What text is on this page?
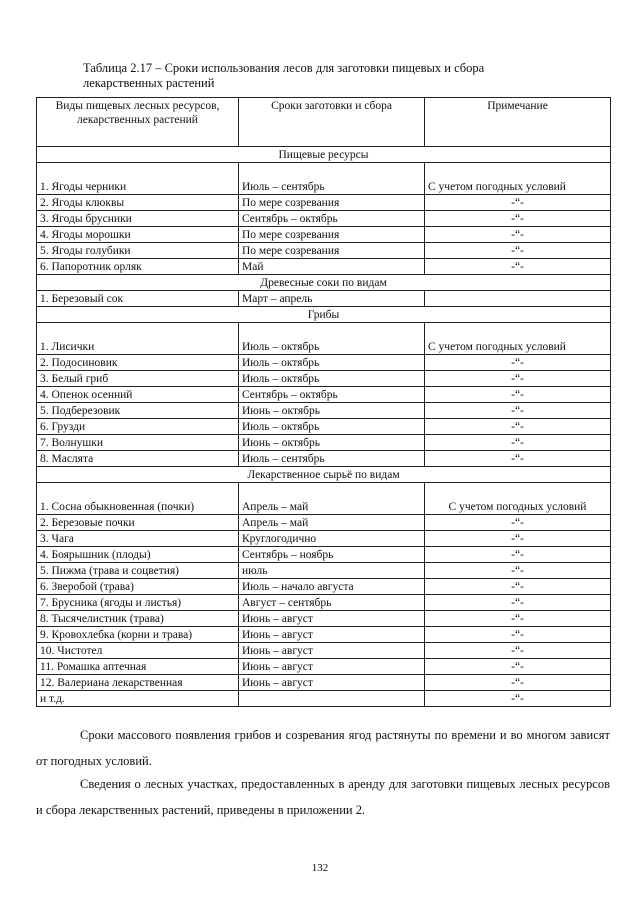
Таблица 2.17 – Сроки использования лесов для заготовки пищевых и сбора лекарственных растений
Виды пищевых лесных ресурсов, лекарственных растений	Сроки заготовки и сбора	Примечание
Пищевые ресурсы		
1. Ягоды черники	Июль – сентябрь	С учетом погодных условий
2. Ягоды клюквы	По мере созревания	-“-
3. Ягоды брусники	Сентябрь – октябрь	-“-
4. Ягоды морошки	По мере созревания	-“-
5. Ягоды голубики	По мере созревания	-“-
6. Папоротник орляк	Май	-“-
Древесные соки по видам		
1. Березовый сок	Март – апрель	
Грибы		
1. Лисички	Июль – октябрь	С учетом погодных условий
2. Подосиновик	Июль – октябрь	-“-
3. Белый гриб	Июль – октябрь	-“-
4. Опенок осенний	Сентябрь – октябрь	-“-
5. Подберезовик	Июнь – октябрь	-“-
6. Грузди	Июль – октябрь	-“-
7. Волнушки	Июнь – октябрь	-“-
8. Маслята	Июль – сентябрь	-“-
Лекарственное сырьё по видам		
1. Сосна обыкновенная (почки)	Апрель – май	С учетом погодных условий
2. Березовые почки	Апрель – май	-“-
3. Чага	Круглогодично	-“-
4. Боярышник (плоды)	Сентябрь – ноябрь	-“-
5. Пижма (трава и соцветия)	июль	-“-
6. Зверобой (трава)	Июль – начало августа	-“-
7. Брусника (ягоды и листья)	Август – сентябрь	-“-
8. Тысячелистник (трава)	Июнь – август	-“-
9. Кровохлебка (корни и трава)	Июнь – август	-“-
10. Чистотел	Июнь – август	-“-
11. Ромашка аптечная	Июнь – август	-“-
12. Валериана лекарственная	Июнь – август	-“-
и т.д.		-“-
Сроки массового появления грибов и созревания ягод растянуты по времени и во многом зависят от погодных условий.
Сведения о лесных участках, предоставленных в аренду для заготовки пищевых лесных ресурсов и сбора лекарственных растений, приведены в приложении 2.
132
